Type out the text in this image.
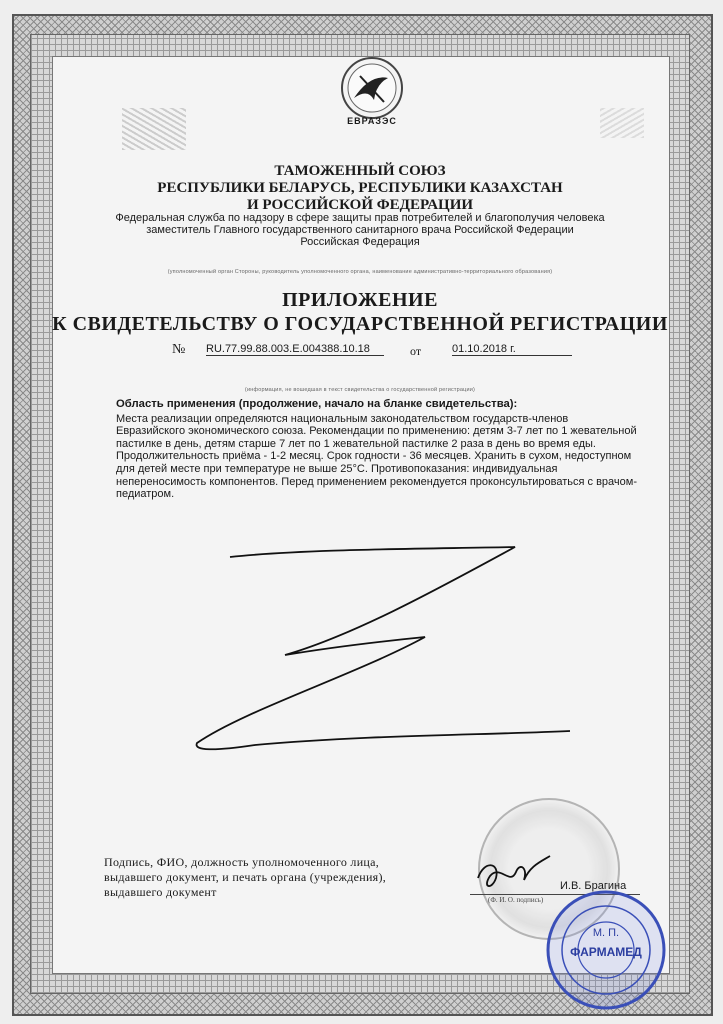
ЕВРАЗЭС
ТАМОЖЕННЫЙ СОЮЗ
РЕСПУБЛИКИ БЕЛАРУСЬ, РЕСПУБЛИКИ КАЗАХСТАН
И РОССИЙСКОЙ ФЕДЕРАЦИИ
Федеральная служба по надзору в сфере защиты прав потребителей и благополучия человека
заместитель Главного государственного санитарного врача Российской Федерации
Российская Федерация
(уполномоченный орган Стороны, руководитель уполномоченного органа, наименование административно-территориального образования)
ПРИЛОЖЕНИЕ
К СВИДЕТЕЛЬСТВУ О ГОСУДАРСТВЕННОЙ РЕГИСТРАЦИИ
№ RU.77.99.88.003.E.004388.10.18	от	01.10.2018 г.
(информация, не вошедшая в текст свидетельства о государственной регистрации)
Область применения (продолжение, начало на бланке свидетельства):
Места реализации определяются национальным законодательством государств-членов Евразийского экономического союза. Рекомендации по применению: детям 3-7 лет по 1 жевательной пастилке в день, детям старше 7 лет по 1 жевательной пастилке 2 раза в день во время еды. Продолжительность приёма - 1-2 месяц. Срок годности - 36 месяцев. Хранить в сухом, недоступном для детей месте при температуре не выше 25°С. Противопоказания: индивидуальная непереносимость компонентов. Перед применением рекомендуется проконсультироваться с врачом-педиатром.
Подпись, ФИО, должность уполномоченного лица, выдавшего документ, и печать органа (учреждения), выдавшего документ	И.В. Брагина
(Ф. И. О. подпись)
М. П.
ФАРМАМЕД
